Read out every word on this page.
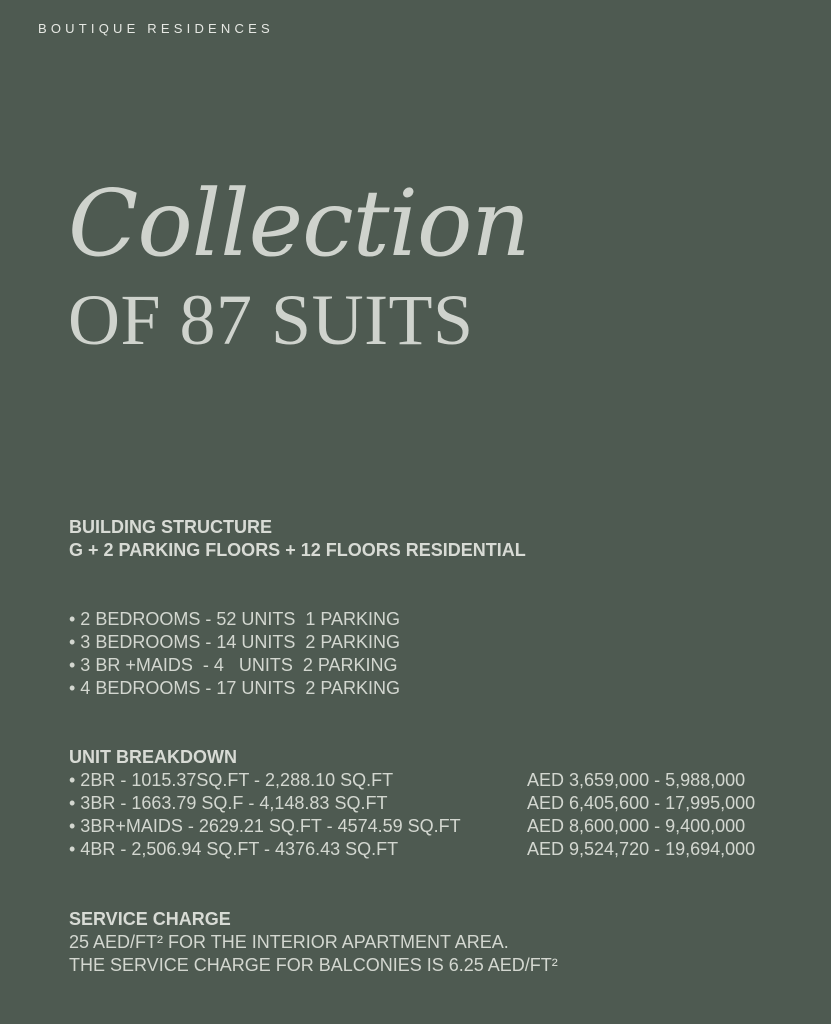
BOUTIQUE RESIDENCES
Collection
OF 87 SUITS
BUILDING STRUCTURE
G + 2 PARKING FLOORS + 12 FLOORS RESIDENTIAL
• 2 BEDROOMS - 52 UNITS  1 PARKING
• 3 BEDROOMS - 14 UNITS  2 PARKING
• 3 BR +MAIDS  - 4   UNITS  2 PARKING
• 4 BEDROOMS - 17 UNITS  2 PARKING
UNIT BREAKDOWN
• 2BR - 1015.37SQ.FT - 2,288.10 SQ.FT	AED 3,659,000 - 5,988,000
• 3BR - 1663.79 SQ.F - 4,148.83 SQ.FT	AED 6,405,600 - 17,995,000
• 3BR+MAIDS - 2629.21 SQ.FT - 4574.59 SQ.FT	AED 8,600,000 - 9,400,000
• 4BR - 2,506.94 SQ.FT - 4376.43 SQ.FT	AED 9,524,720 - 19,694,000
SERVICE CHARGE
25 AED/FT² FOR THE INTERIOR APARTMENT AREA.
THE SERVICE CHARGE FOR BALCONIES IS 6.25 AED/FT²
